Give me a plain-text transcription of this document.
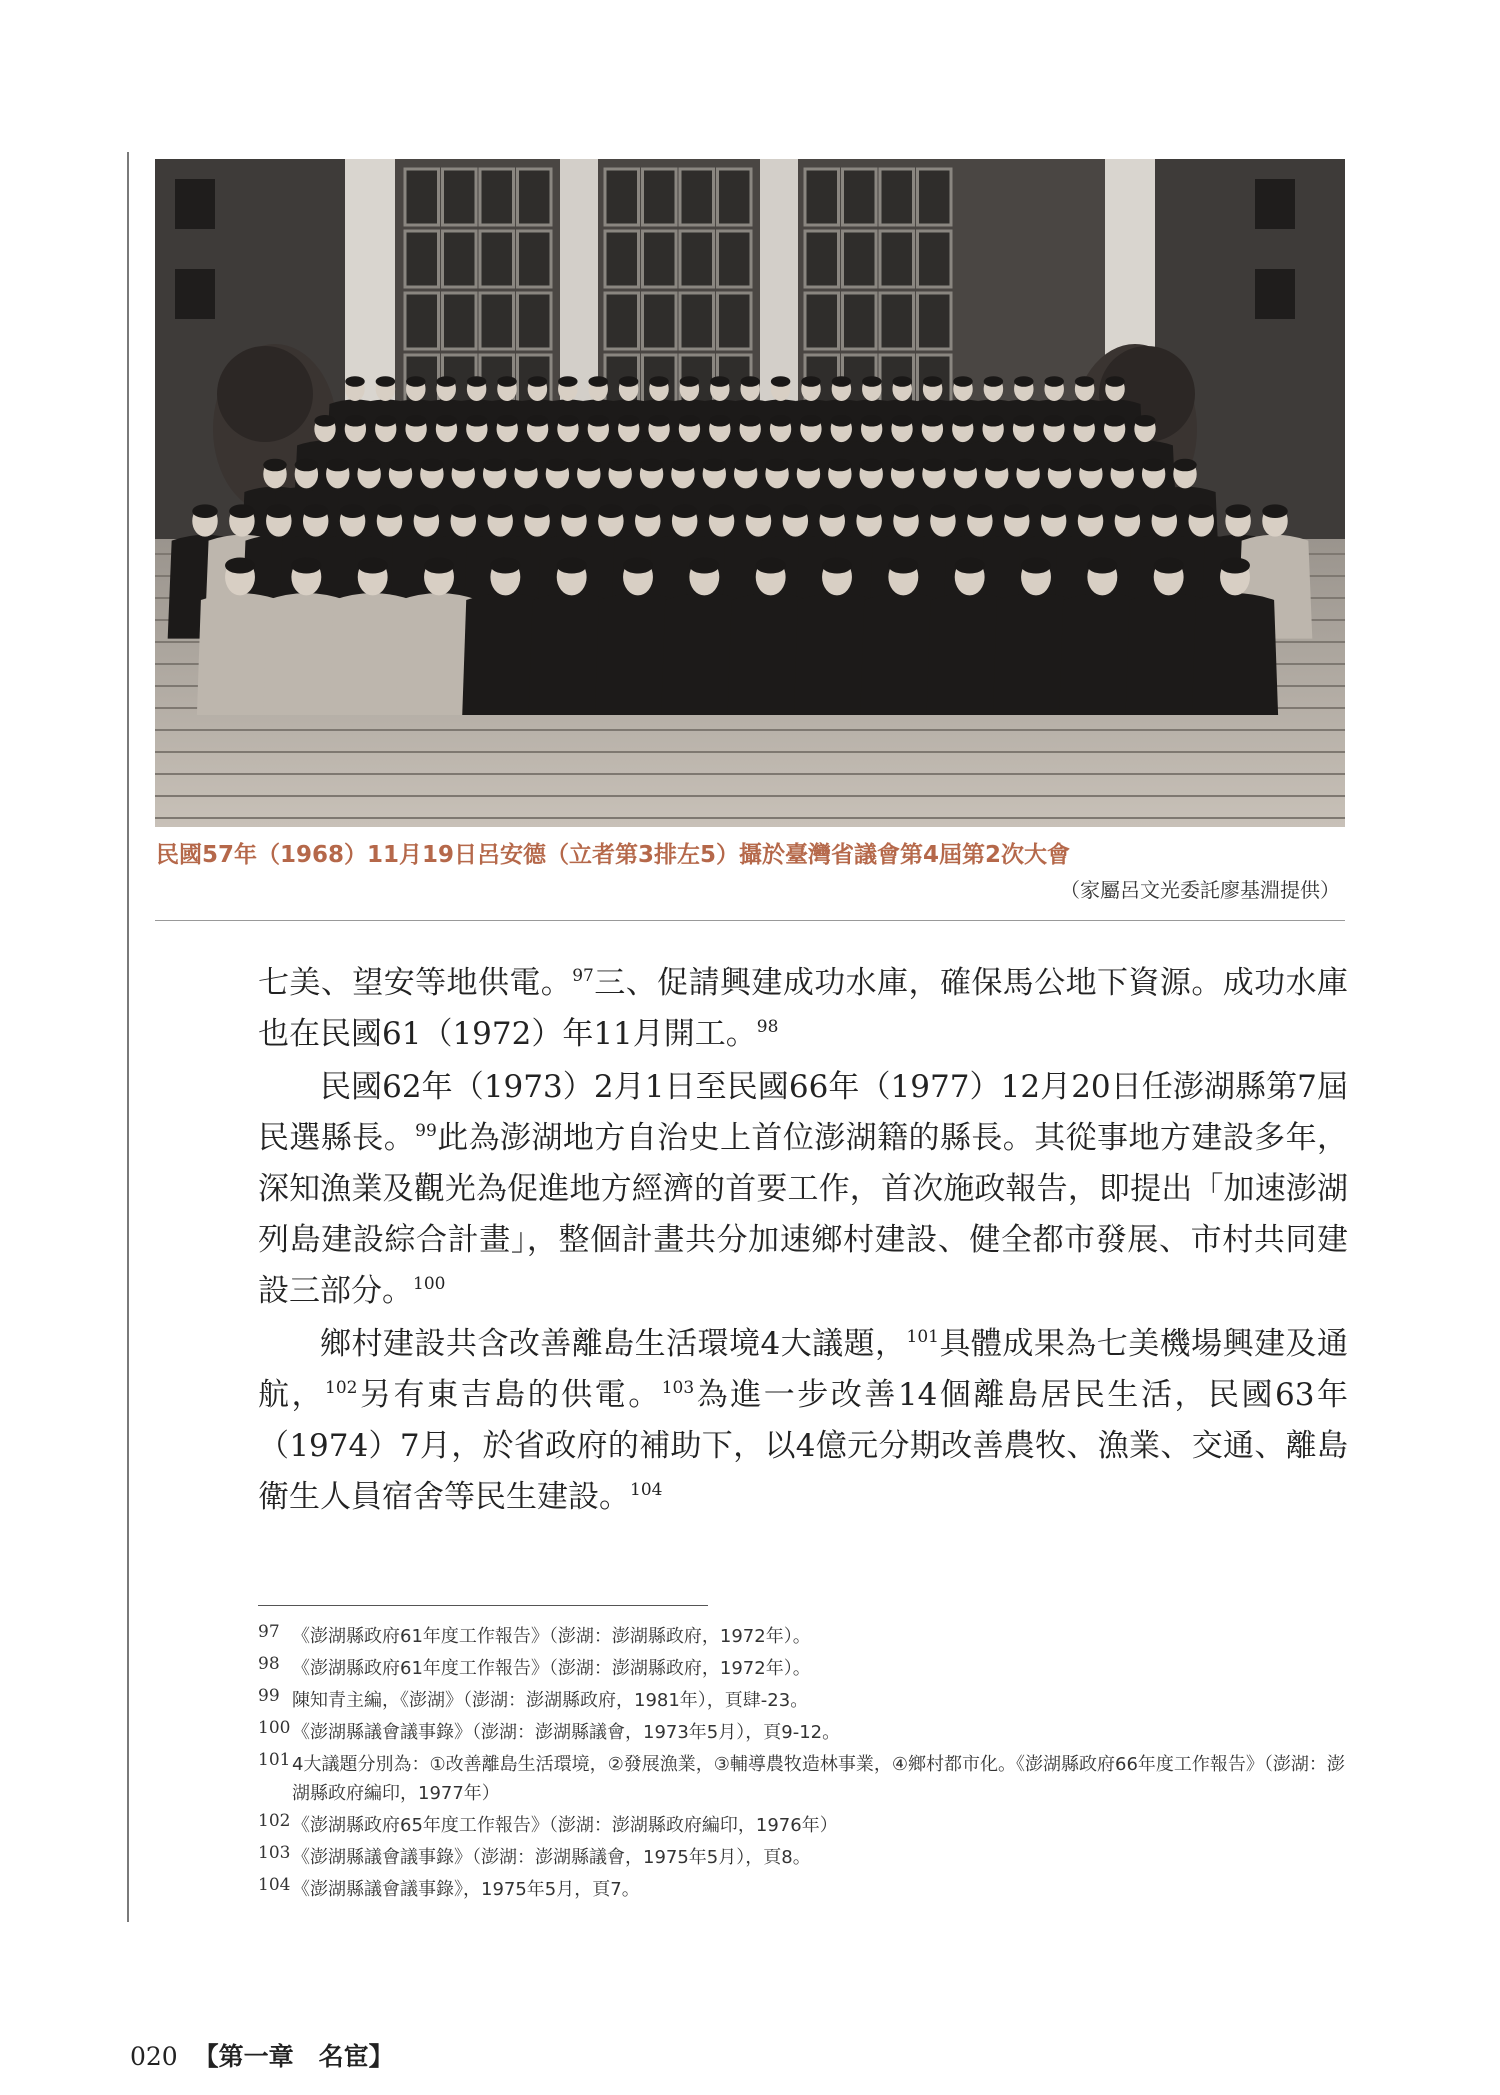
民國57年（1968）11月19日呂安德（立者第3排左5）攝於臺灣省議會第4屆第2次大會
（家屬呂文光委託廖基淵提供）

七美、望安等地供電。$^{97}$三、促請興建成功水庫，確保馬公地下資源。成功水庫也在民國61（1972）年11月開工。$^{98}$

民國62年（1973）2月1日至民國66年（1977）12月20日任澎湖縣第7屆民選縣長。$^{99}$此為澎湖地方自治史上首位澎湖籍的縣長。其從事地方建設多年，深知漁業及觀光為促進地方經濟的首要工作，首次施政報告，即提出「加速澎湖列島建設綜合計畫」，整個計畫共分加速鄉村建設、健全都市發展、市村共同建設三部分。$^{100}$

鄉村建設共含改善離島生活環境4大議題，$^{101}$具體成果為七美機場興建及通航，$^{102}$另有東吉島的供電。$^{103}$為進一步改善14個離島居民生活，民國63年（1974）7月，於省政府的補助下，以4億元分期改善農牧、漁業、交通、離島衛生人員宿舍等民生建設。$^{104}$

97 《澎湖縣政府61年度工作報告》（澎湖：澎湖縣政府，1972年）。
98 《澎湖縣政府61年度工作報告》（澎湖：澎湖縣政府，1972年）。
99 陳知青主編，《澎湖》（澎湖：澎湖縣政府，1981年），頁肆-23。
100 《澎湖縣議會議事錄》（澎湖：澎湖縣議會，1973年5月），頁9-12。
101 4大議題分別為：①改善離島生活環境，②發展漁業，③輔導農牧造林事業，④鄉村都市化。《澎湖縣政府66年度工作報告》（澎湖：澎湖縣政府編印，1977年）
102 《澎湖縣政府65年度工作報告》（澎湖：澎湖縣政府編印，1976年）
103 《澎湖縣議會議事錄》（澎湖：澎湖縣議會，1975年5月），頁8。
104 《澎湖縣議會議事錄》，1975年5月，頁7。
020 【第一章　名宦】
